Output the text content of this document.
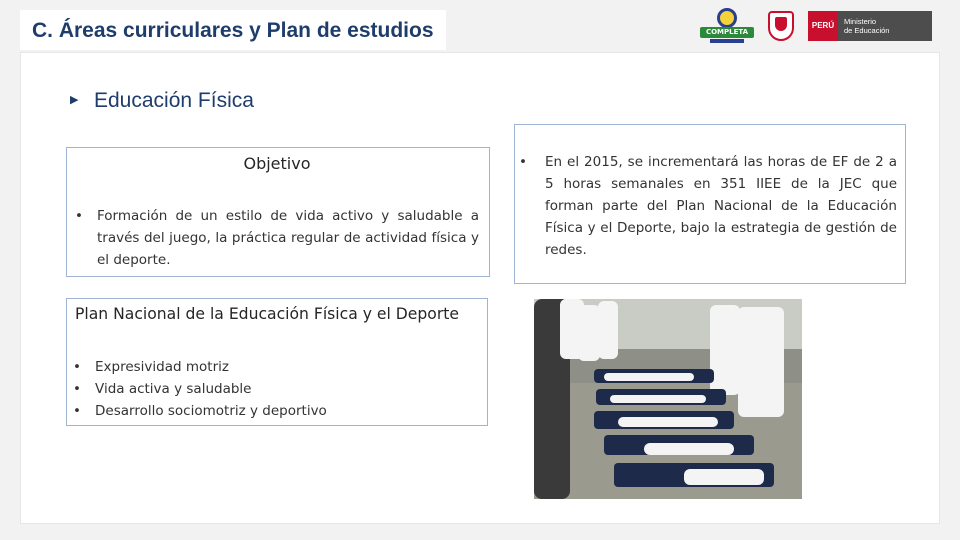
C. Áreas curriculares y Plan de estudios	COMPLETA
PERÚ	Ministerio
de Educación
▶ Educación Física
Objetivo
•	Formación de un estilo de vida activo y saludable a través del juego, la práctica regular de actividad física y el deporte.
Plan Nacional de la Educación Física y el Deporte
•	Expresividad motriz
•	Vida activa y saludable
•	Desarrollo sociomotriz y deportivo
•	En el 2015, se incrementará las horas de EF de 2 a 5 horas semanales en 351 IIEE de la JEC que forman parte del Plan Nacional de la Educación Física y el Deporte, bajo la estrategia de gestión de redes.
